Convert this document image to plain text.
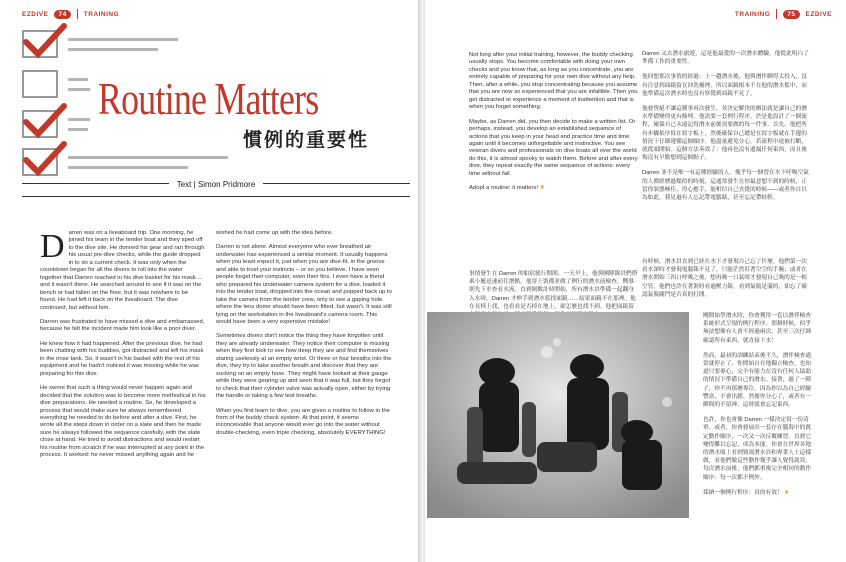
EZDIVE	74	TRAINING
Routine Matters
慣例的重要性
Text | Simon Pridmore

Darren was on a liveaboard trip. One morning, he joined his team in the tender boat and they sped off to the dive site. He donned his gear and ran through his usual pre-dive checks, while the guide dropped in to do a current check. It was only when the countdown began for all the divers to roll into the water together that Darren reached in his dive basket for his mask ... and it wasn't there. He searched around to see if it was on the bench or had fallen on the floor, but it was nowhere to be found. He had left it back on the liveaboard. The dive continued, but without him.

Darren was frustrated to have missed a dive and embarrassed, because he felt the incident made him look like a poor diver.

He knew how it had happened. After the previous dive, he had been chatting with his buddies, got distracted and left his mask in the rinse tank. So, it wasn't in his basket with the rest of his equipment and he hadn't noticed it was missing while he was preparing for this dive.

He swore that such a thing would never happen again and decided that the solution was to become more methodical in his dive preparations. He needed a routine. So, he developed a process that would make sure he always remembered everything he needed to do before and after a dive. First, he wrote all the steps down in order on a slate and then he made sure he always followed the sequence carefully, with the slate close at hand. He tried to avoid distractions and would restart his routine from scratch if he was interrupted at any point in the process. It worked: he never missed anything again and he

wished he had come up with the idea before.

Darren is not alone. Almost everyone who ever breathed air underwater has experienced a similar moment. It usually happens when you least expect it, just when you are dive-fit, in the groove and able to trust your instincts – or so you believe. I have seen people forget their computer, even their fins. I even have a friend who prepared his underwater camera system for a dive, loaded it into the tender boat, dropped into the ocean and popped back up to take the camera from the tender crew, only to see a gaping hole where the lens dome should have been fitted, but wasn't. It was still lying on the workstation in the liveaboard's camera room. This would have been a very expensive mistake!

Sometimes divers don't notice the thing they have forgotten until they are already underwater. They notice their computer is missing when they first look to see how deep they are and find themselves staring uselessly at an empty wrist. Or three or four breaths into the dive, they try to take another breath and discover that they are sucking on an empty hose. They might have looked at their gauge while they were gearing up and seen that it was full, but they forgot to check that their cylinder valve was actually open, either by trying the handle or taking a few test breaths.

When you first learn to dive, you are given a routine to follow in the form of the buddy check system. At that point, it seems inconceivable that anyone would ever go into the water without double-checking, even triple checking, absolutely EVERYTHING!

TRAINING	75	EZDIVE

Not long after your initial training, however, the buddy checking usually stops. You become comfortable with doing your own checks and you know that, as long as you concentrate, you are entirely capable of preparing for your own dive without any help. Then, after a while, you stop concentrating because you assume that you are now so experienced that you are infallible. Then you get distracted or experience a moment of inattention and that is when you forget something.

Maybe, as Darren did, you then decide to make a written list. Or perhaps, instead, you develop an established sequence of actions that you keep in your head and practice time and time again until it becomes unforgettable and instinctive. You see veteran divers and professionals on dive boats all over the world do this, it is almost spooky to watch them. Before and after every dive, they repeat exactly the same sequence of actions: every time without fail.

Adopt a routine: it matters! ❦

Darren 又去潛水旅遊，這是他最愛的一次潛水體驗，他從此明白了準備工作的重要性。

他回想那次事情的經過：上一趟潛水後，他與潛伴聊得太投入，沒有注意到面鏡留在沖洗桶裡。所以面鏡根本不在他的潛水籃中，而他準備這次潛水時也沒有察覺到面鏡不見了。

他發誓絕不讓這種事再次發生，並決定解決的辦法就是讓自己的潛水準備變得更有條理。他需要一套例行程序。於是他設計了一個流程，確保自己永遠記得潛水前後需要做的每一件事。首先，他把所有步驟依序寫在寫字板上，然後確保自己總是在寫字板就在手邊的情況下仔細遵循這個順序。他盡量避免分心，若流程中途被打斷，就從頭開始。這個方法奏效了：他再也沒有遺漏任何東西，而且後悔沒有早點想到這個點子。

Darren 並不是唯一有這種經驗的人。幾乎每一個曾在水下呼吸空氣的人都經歷過類似的時刻，這通常發生在你最意想不到的時候，正當你狀態極佳、得心應手、能相信自己直覺的時候——或者你自以為如此。我見過有人忘記帶電腦錶，甚至忘記帶蛙鞋。

事情發生在 Darren 的船宿旅行期間。一天早上，他與團隊隊員們搭乘小艇迅速前往潛點。他穿上裝備並做了例行的潛水前檢查，嚮導則先下水查看水流。直到倒數計時開始，所有潛水員準備一起翻身入水時，Darren 才伸手到潛水籃找面鏡……結果面鏡不在那裡。他在長椅上找，也看看是否掉在地上，卻怎麼也找不到。他把面鏡留

有時候，潛水員直到已經在水下才發現自己忘了什麼。他們第一次看水深時才發現電腦錶不見了，只能茫然盯著空空的手腕；或者在潛水開始三四口呼吸之後，想再吸一口氣時才發現自己吸的是一根空管。他們也許在著裝時看過壓力錶，看到氣瓶是滿的，卻忘了確認氣瓶閥門是否真的打開。

剛開始學潛水時，你會獲得一套以潛伴檢查系統形式呈現的例行程序。那個時候，似乎無法想像有人會不經過兩次、甚至三次仔細確認所有東西，就直接下水！

然而，最初的訓練結束後不久，潛伴檢查通常就停止了。你開始自在地獨立檢查，也知道只要專心，完全有能力在沒有任何人協助的情況下準備自己的潛水。接著，過了一陣子，你不再那麼專注，因為你以為自己經驗豐富、不會出錯。然後你分心了，或者有一瞬間的不留神，這時就會忘記東西。

也許，你也會像 Darren 一樣決定寫一份清單。或者，你會發展出一套存在腦海中的既定動作順序，一次又一次反覆練習，直到它變得難以忘記、成為本能。你會在世界各地的潛水船上看到資深潛水員和專業人士這樣做，看他們做這些動作幾乎讓人覺得詭異。每次潛水前後，他們都重複完全相同的動作順序：每一次都不例外。

採納一個例行程序：真的有效！ ❦
